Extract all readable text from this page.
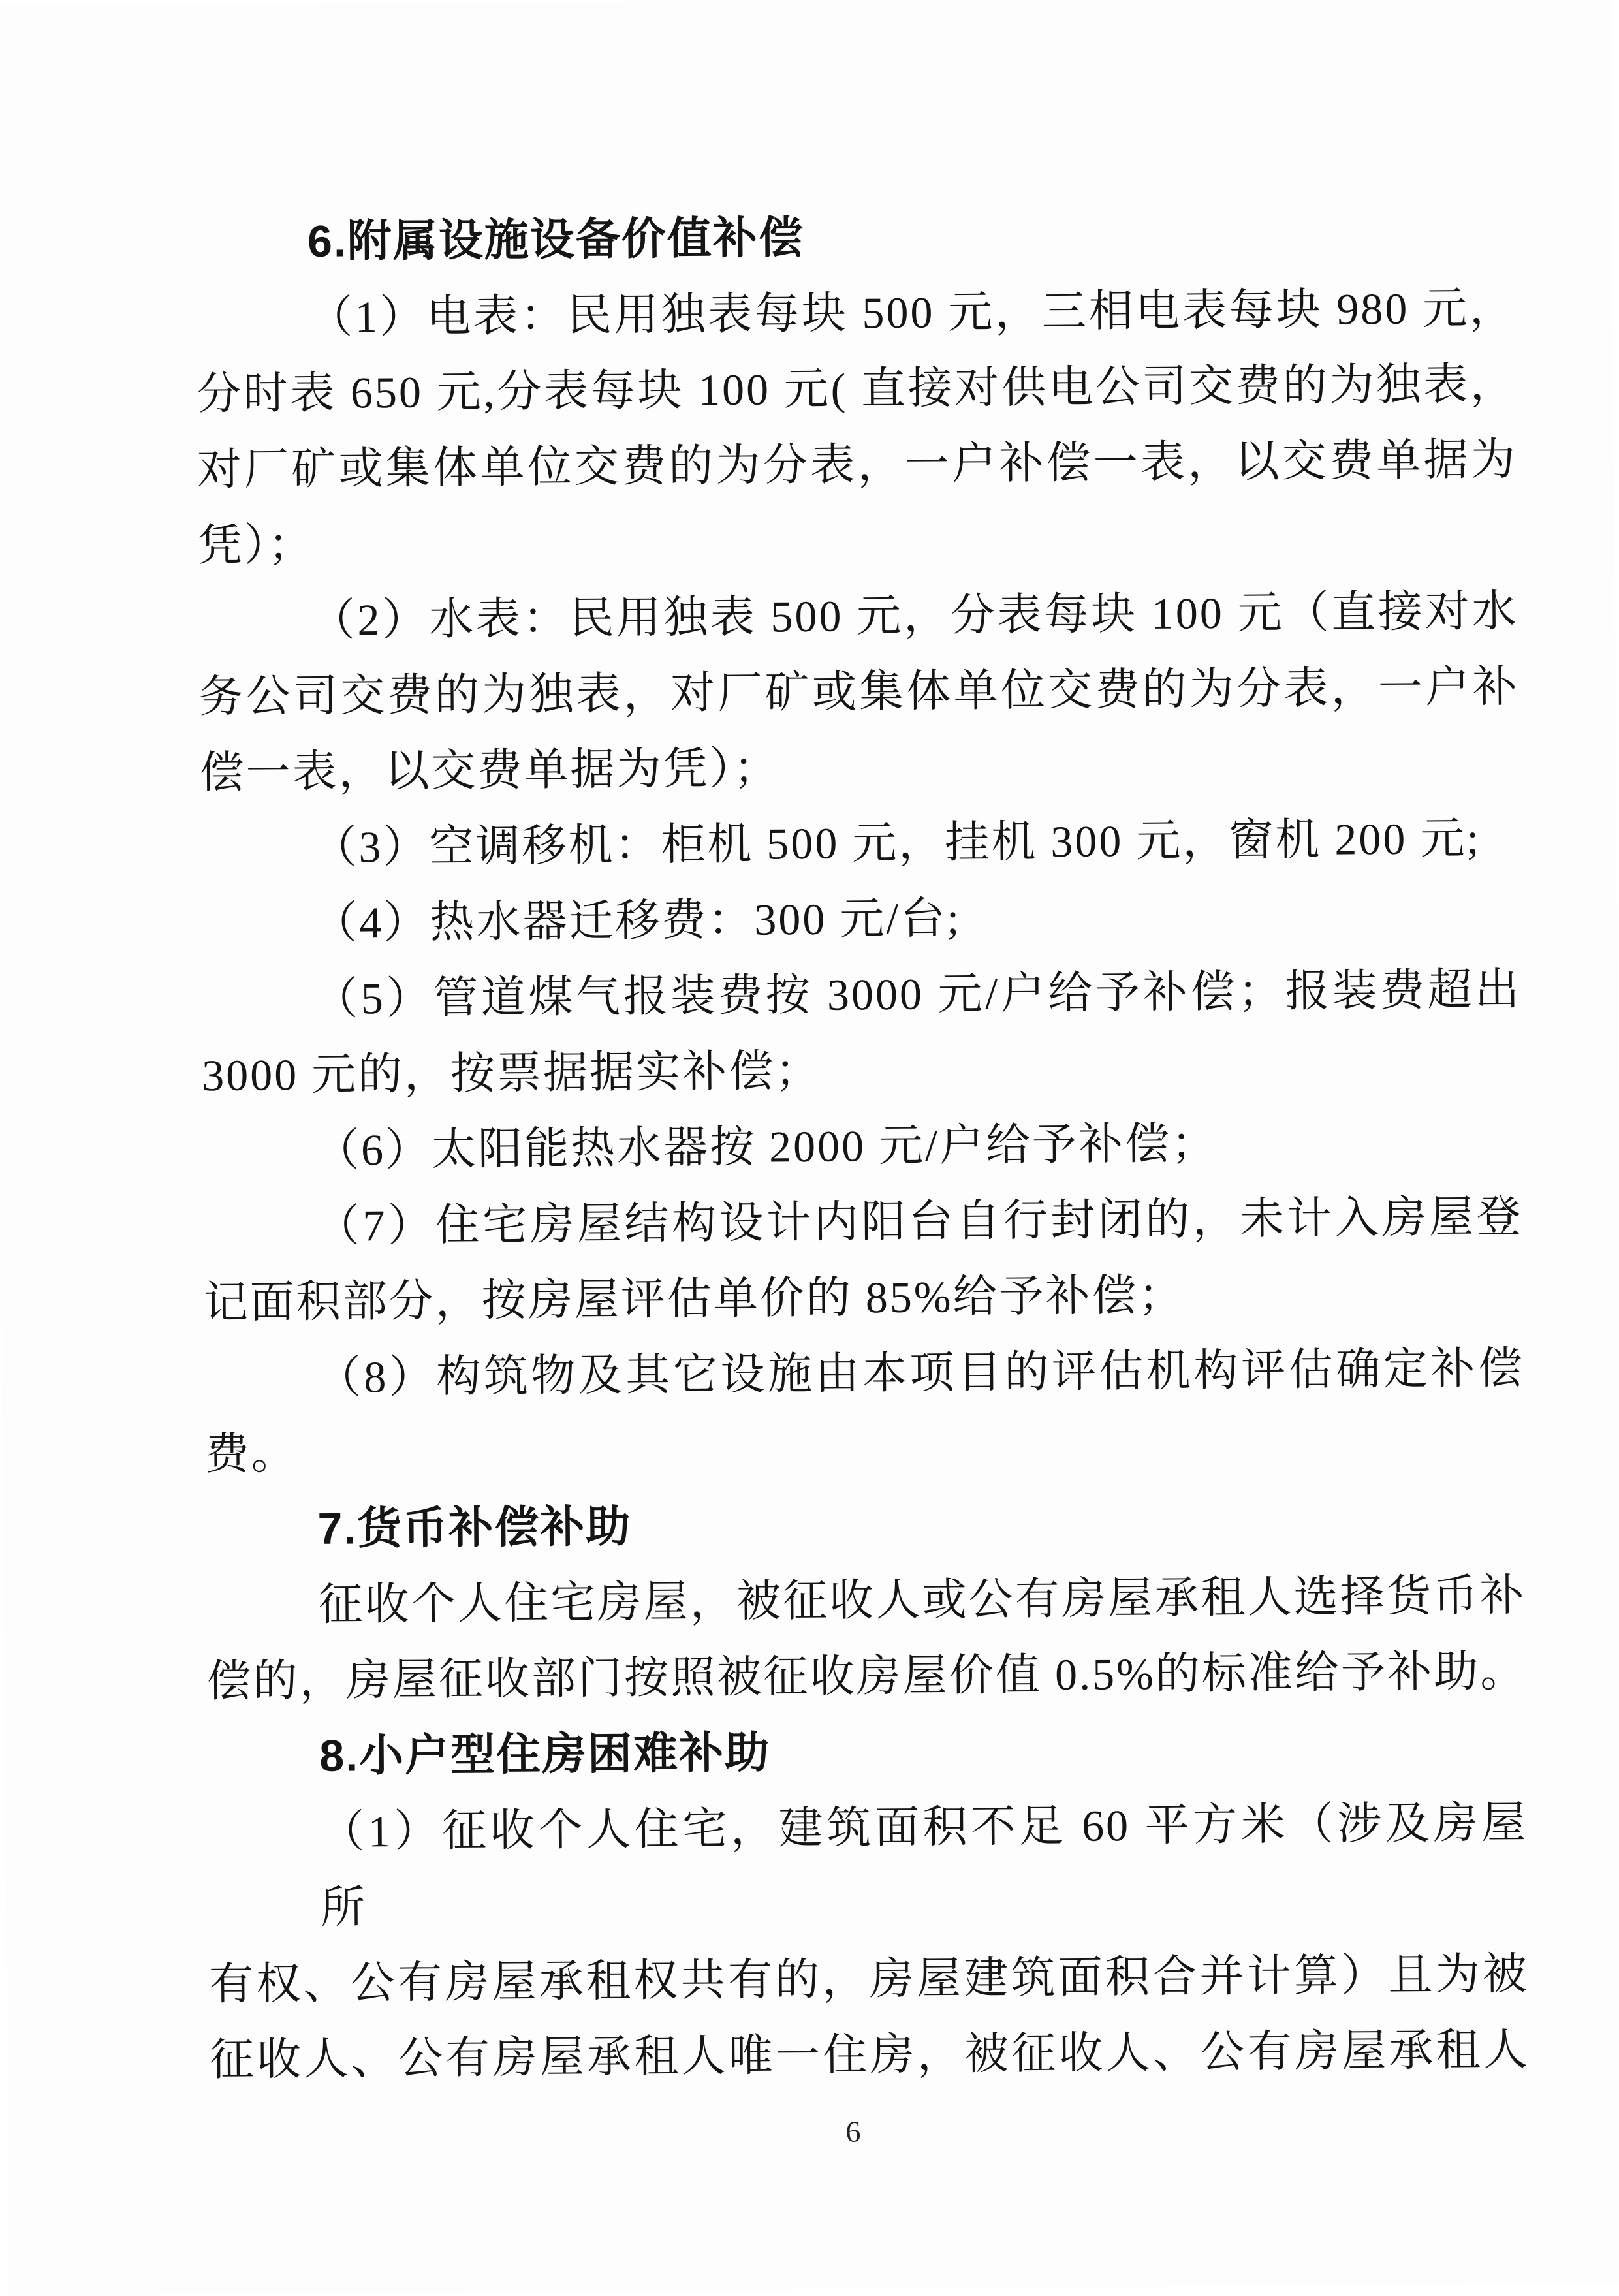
6.附属设施设备价值补偿
（1）电表：民用独表每块 500 元，三相电表每块 980 元，
分时表 650 元,分表每块 100 元( 直接对供电公司交费的为独表，
对厂矿或集体单位交费的为分表，一户补偿一表，以交费单据为
凭）；
（2）水表：民用独表 500 元，分表每块 100 元（直接对水
务公司交费的为独表，对厂矿或集体单位交费的为分表，一户补
偿一表，以交费单据为凭）；
（3）空调移机：柜机 500 元，挂机 300 元，窗机 200 元;
（4）热水器迁移费：300 元/台;
（5）管道煤气报装费按 3000 元/户给予补偿；报装费超出
3000 元的，按票据据实补偿；
（6）太阳能热水器按 2000 元/户给予补偿；
（7）住宅房屋结构设计内阳台自行封闭的，未计入房屋登
记面积部分，按房屋评估单价的 85%给予补偿；
（8）构筑物及其它设施由本项目的评估机构评估确定补偿
费。
7.货币补偿补助
征收个人住宅房屋，被征收人或公有房屋承租人选择货币补
偿的，房屋征收部门按照被征收房屋价值 0.5%的标准给予补助。
8.小户型住房困难补助
（1）征收个人住宅，建筑面积不足 60 平方米（涉及房屋所
有权、公有房屋承租权共有的，房屋建筑面积合并计算）且为被
征收人、公有房屋承租人唯一住房，被征收人、公有房屋承租人
6
